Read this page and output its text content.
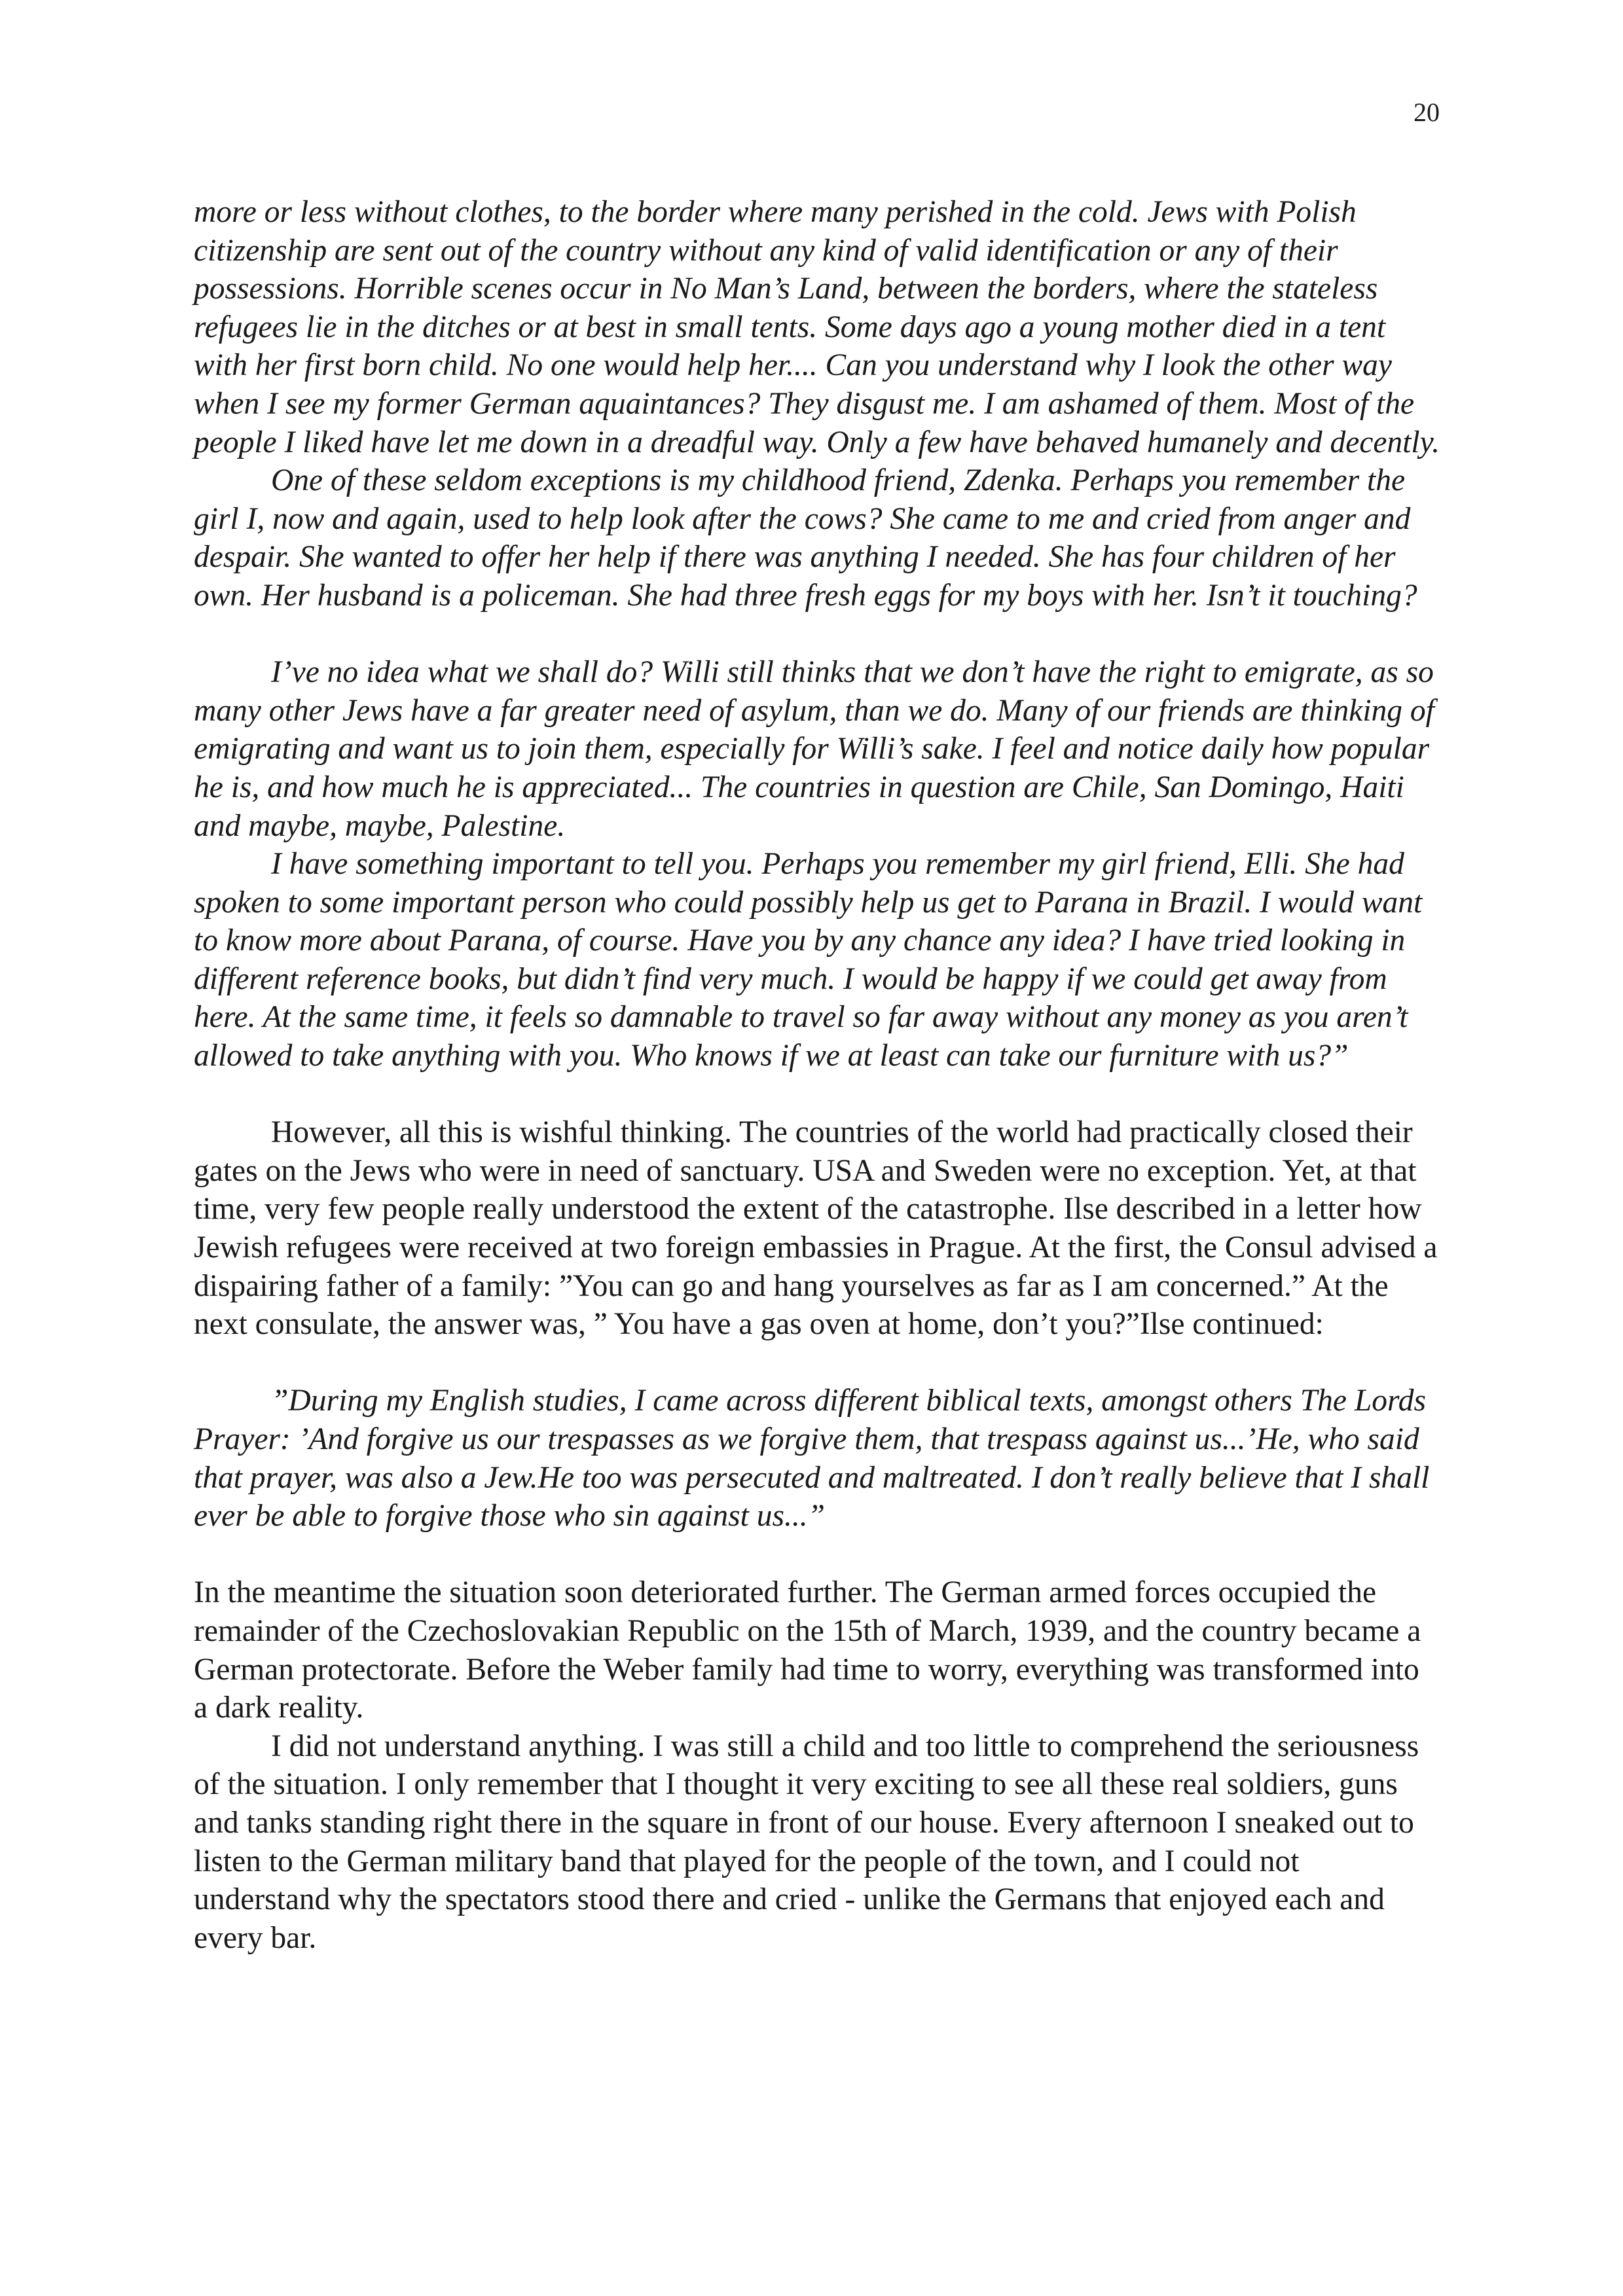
20

more or less without clothes, to the border where many perished in the cold. Jews with Polish citizenship are sent out of the country without any kind of valid identification or any of their possessions. Horrible scenes occur in No Man’s Land, between the borders, where the stateless refugees lie in the ditches or at best in small tents. Some days ago a young mother died in a tent with her first born child. No one would help her.... Can you understand why I look the other way when I see my former German aquaintances? They disgust me. I am ashamed of them. Most of the people I liked have let me down in a dreadful way. Only a few have behaved humanely and decently.

One of these seldom exceptions is my childhood friend, Zdenka. Perhaps you remember the girl I, now and again, used to help look after the cows? She came to me and cried from anger and despair. She wanted to offer her help if there was anything I needed. She has four children of her own. Her husband is a policeman. She had three fresh eggs for my boys with her. Isn’t it touching?

I’ve no idea what we shall do? Willi still thinks that we don’t have the right to emigrate, as so many other Jews have a far greater need of asylum, than we do. Many of our friends are thinking of emigrating and want us to join them, especially for Willi’s sake. I feel and notice daily how popular he is, and how much he is appreciated... The countries in question are Chile, San Domingo, Haiti and maybe, maybe, Palestine.

I have something important to tell you. Perhaps you remember my girl friend, Elli. She had spoken to some important person who could possibly help us get to Parana in Brazil. I would want to know more about Parana, of course. Have you by any chance any idea? I have tried looking in different reference books, but didn’t find very much. I would be happy if we could get away from here. At the same time, it feels so damnable to travel so far away without any money as you aren’t allowed to take anything with you. Who knows if we at least can take our furniture with us?”

However, all this is wishful thinking. The countries of the world had practically closed their gates on the Jews who were in need of sanctuary. USA and Sweden were no exception. Yet, at that time, very few people really understood the extent of the catastrophe. Ilse described in a letter how Jewish refugees were received at two foreign embassies in Prague. At the first, the Consul advised a dispairing father of a family: ”You can go and hang yourselves as far as I am concerned.” At the next consulate, the answer was, ” You have a gas oven at home, don’t you?”Ilse continued:

”During my English studies, I came across different biblical texts, amongst others The Lords Prayer: ’And forgive us our trespasses as we forgive them, that trespass against us...’He, who said that prayer, was also a Jew.He too was persecuted and maltreated. I don’t really believe that I shall ever be able to forgive those who sin against us...”

In the meantime the situation soon deteriorated further. The German armed forces occupied the remainder of the Czechoslovakian Republic on the 15th of March, 1939, and the country became a German protectorate. Before the Weber family had time to worry, everything was transformed into a dark reality.

I did not understand anything. I was still a child and too little to comprehend the seriousness of the situation. I only remember that I thought it very exciting to see all these real soldiers, guns and tanks standing right there in the square in front of our house. Every afternoon I sneaked out to listen to the German military band that played for the people of the town, and I could not understand why the spectators stood there and cried - unlike the Germans that enjoyed each and every bar.
